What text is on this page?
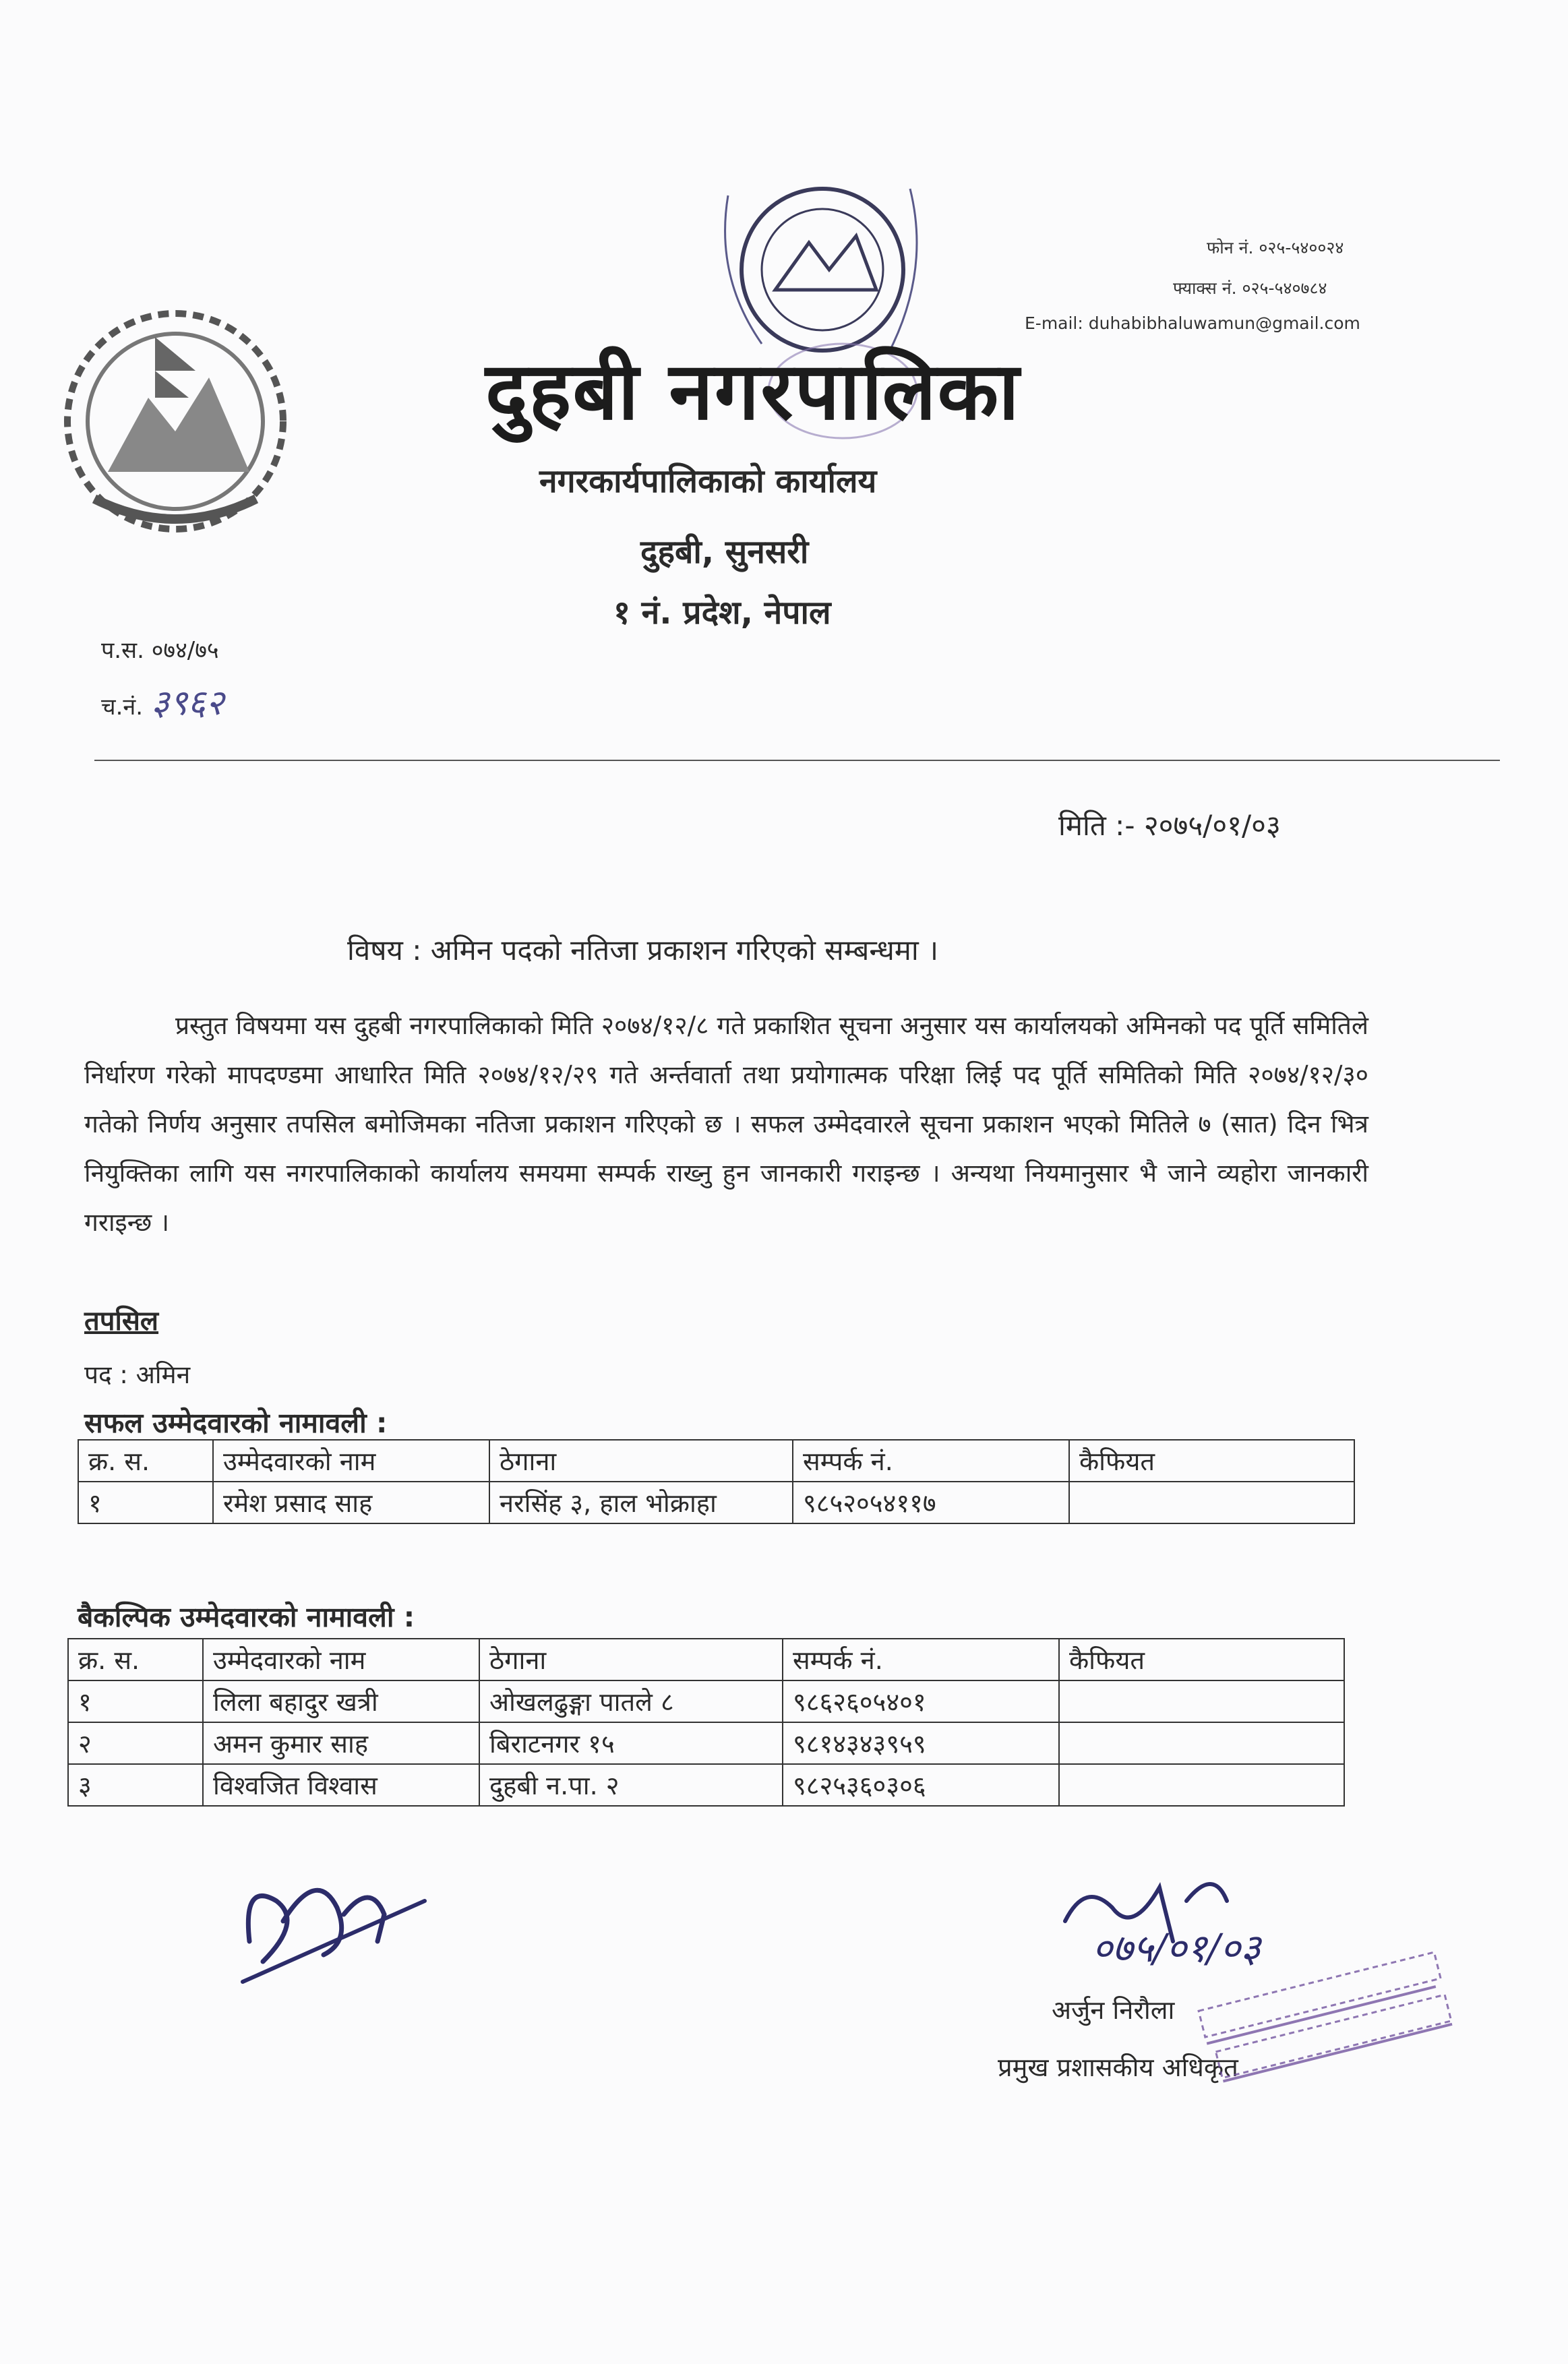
दुहबी नगरपालिका
नगरकार्यपालिकाको कार्यालय
दुहबी, सुनसरी
१ नं. प्रदेश, नेपाल
फोन नं. ०२५-५४००२४
फ्याक्स नं. ०२५-५४०७८४
E-mail: duhabibhaluwamun@gmail.com
प.स. ०७४/७५
च.नं. ३९६२
मिति :- २०७५/०१/०३
विषय : अमिन पदको नतिजा प्रकाशन गरिएको सम्बन्धमा ।
प्रस्तुत विषयमा यस दुहबी नगरपालिकाको मिति २०७४/१२/८ गते प्रकाशित सूचना अनुसार यस कार्यालयको अमिनको पद पूर्ति समितिले निर्धारण गरेको मापदण्डमा आधारित मिति २०७४/१२/२९ गते अर्न्तवार्ता तथा प्रयोगात्मक परिक्षा लिई पद पूर्ति समितिको मिति २०७४/१२/३० गतेको निर्णय अनुसार तपसिल बमोजिमका नतिजा प्रकाशन गरिएको छ । सफल उम्मेदवारले सूचना प्रकाशन भएको मितिले ७ (सात) दिन भित्र नियुक्तिका लागि यस नगरपालिकाको कार्यालय समयमा सम्पर्क राख्नु हुन जानकारी गराइन्छ । अन्यथा नियमानुसार भै जाने व्यहोरा जानकारी गराइन्छ ।
तपसिल
पद : अमिन
सफल उम्मेदवारको नामावली :
क्र. स.	उम्मेदवारको नाम	ठेगाना	सम्पर्क नं.	कैफियत
१	रमेश प्रसाद साह	नरसिंह ३, हाल भोक्राहा	९८५२०५४११७	
बैकल्पिक उम्मेदवारको नामावली :
क्र. स.	उम्मेदवारको नाम	ठेगाना	सम्पर्क नं.	कैफियत
१	लिला बहादुर खत्री	ओखलढुङ्गा पातले ८	९८६२६०५४०१	
२	अमन कुमार साह	बिराटनगर १५	९८१४३४३९५९	
३	विश्वजित विश्वास	दुहबी न.पा. २	९८२५३६०३०६	
०७५/०१/०३
अर्जुन निरौला
प्रमुख प्रशासकीय अधिकृत
